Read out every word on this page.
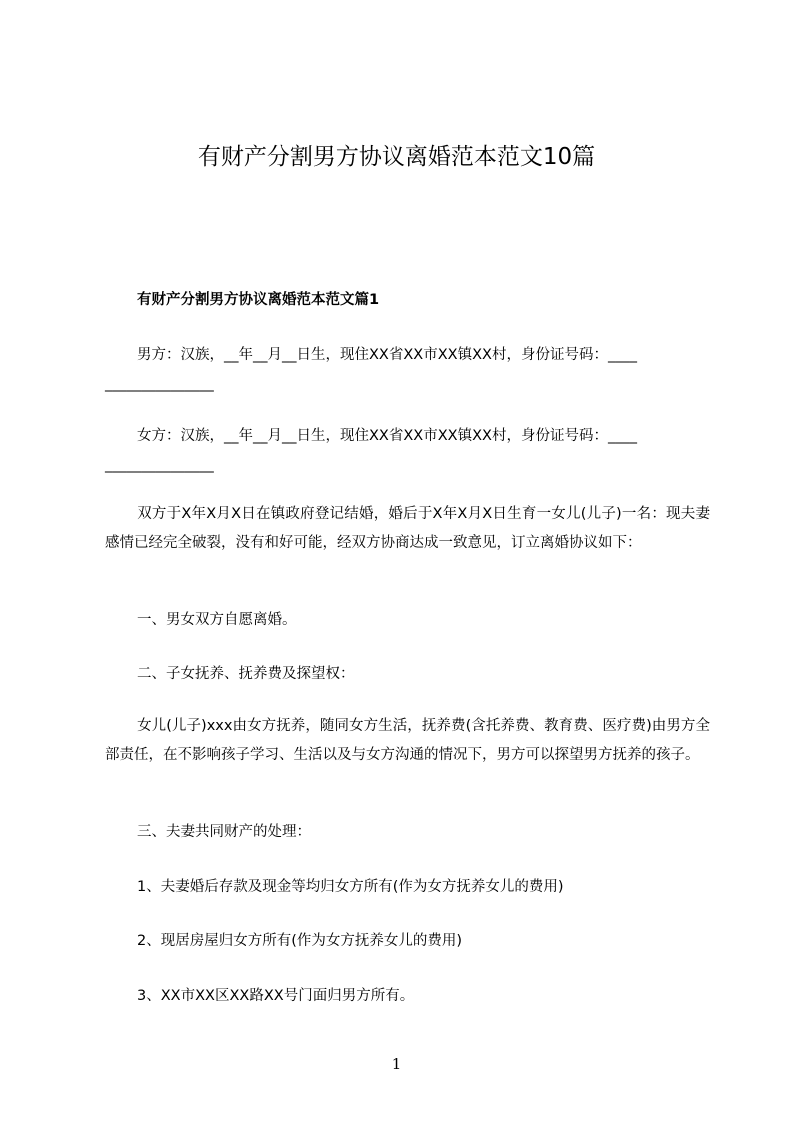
有财产分割男方协议离婚范本范文10篇
有财产分割男方协议离婚范本范文篇1
男方：汉族，__年__月__日生，现住XX省XX市XX镇XX村，身份证号码：____
_______________
女方：汉族，__年__月__日生，现住XX省XX市XX镇XX村，身份证号码：____
_______________
双方于X年X月X日在镇政府登记结婚，婚后于X年X月X日生育一女儿(儿子)一名：现夫妻感情已经完全破裂，没有和好可能，经双方协商达成一致意见，订立离婚协议如下：
一、男女双方自愿离婚。
二、子女抚养、抚养费及探望权：
女儿(儿子)xxx由女方抚养，随同女方生活，抚养费(含托养费、教育费、医疗费)由男方全部责任，在不影响孩子学习、生活以及与女方沟通的情况下，男方可以探望男方抚养的孩子。
三、夫妻共同财产的处理：
1、夫妻婚后存款及现金等均归女方所有(作为女方抚养女儿的费用)
2、现居房屋归女方所有(作为女方抚养女儿的费用)
3、XX市XX区XX路XX号门面归男方所有。
1
